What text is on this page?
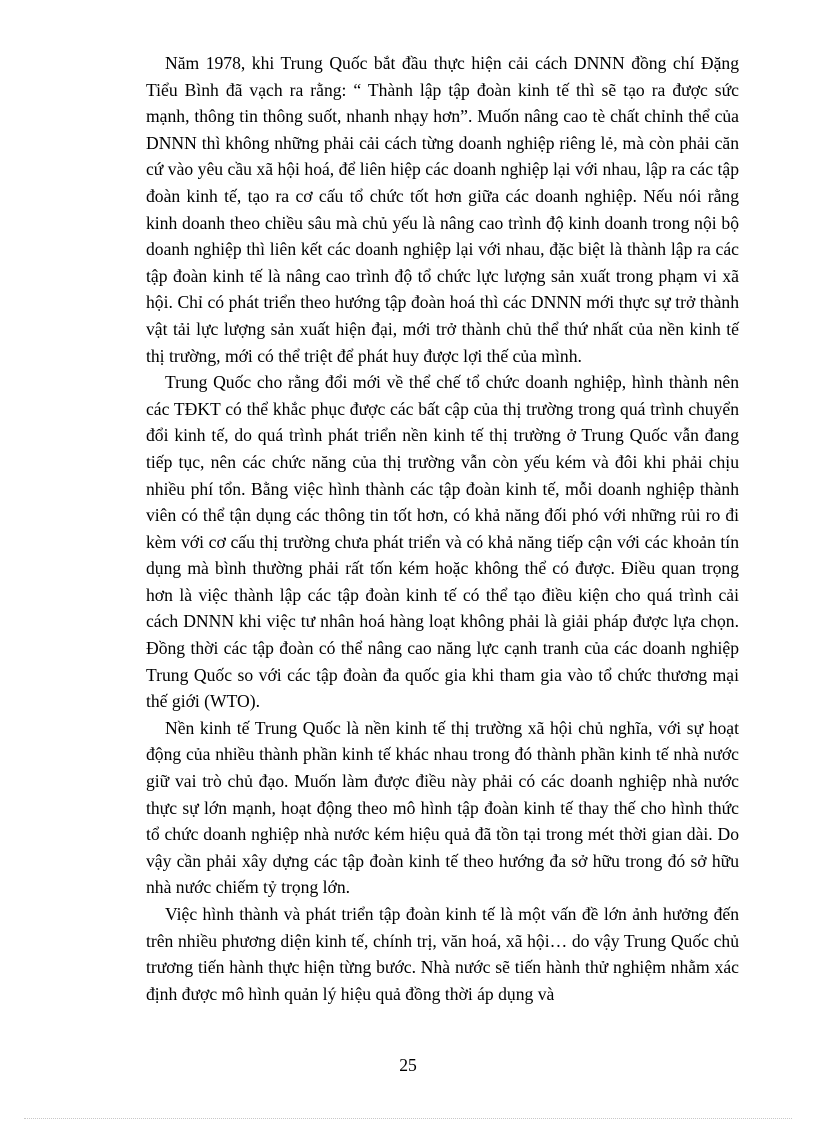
Năm 1978, khi Trung Quốc bắt đầu thực hiện cải cách DNNN đồng chí Đặng Tiểu Bình đã vạch ra rằng: “ Thành lập tập đoàn kinh tế thì sẽ tạo ra được sức mạnh, thông tin thông suốt, nhanh nhạy hơn”. Muốn nâng cao tè chất chỉnh thể của DNNN thì không những phải cải cách từng doanh nghiệp riêng lẻ, mà còn phải căn cứ vào yêu cầu xã hội hoá, để liên hiệp các doanh nghiệp lại với nhau, lập ra các tập đoàn kinh tế, tạo ra cơ cấu tổ chức tốt hơn giữa các doanh nghiệp. Nếu nói rằng kinh doanh theo chiều sâu mà chủ yếu là nâng cao trình độ kinh doanh trong nội bộ doanh nghiệp thì liên kết các doanh nghiệp lại với nhau, đặc biệt là thành lập ra các tập đoàn kinh tế là nâng cao trình độ tổ chức lực lượng sản xuất trong phạm vi xã hội. Chỉ có phát triển theo hướng tập đoàn hoá thì các DNNN mới thực sự trở thành vật tải lực lượng sản xuất hiện đại, mới trở thành chủ thể thứ nhất của nền kinh tế thị trường, mới có thể triệt để phát huy được lợi thế của mình.

Trung Quốc cho rằng đổi mới về thể chế tổ chức doanh nghiệp, hình thành nên các TĐKT có thể khắc phục được các bất cập của thị trường trong quá trình chuyển đổi kinh tế, do quá trình phát triển nền kinh tế thị trường ở Trung Quốc vẫn đang tiếp tục, nên các chức năng của thị trường vẫn còn yếu kém và đôi khi phải chịu nhiều phí tổn. Bằng việc hình thành các tập đoàn kinh tế, mỗi doanh nghiệp thành viên có thể tận dụng các thông tin tốt hơn, có khả năng đối phó với những rủi ro đi kèm với cơ cấu thị trường chưa phát triển và có khả năng tiếp cận với các khoản tín dụng mà bình thường phải rất tốn kém hoặc không thể có được. Điều quan trọng hơn là việc thành lập các tập đoàn kinh tế có thể tạo điều kiện cho quá trình cải cách DNNN khi việc tư nhân hoá hàng loạt không phải là giải pháp được lựa chọn. Đồng thời các tập đoàn có thể nâng cao năng lực cạnh tranh của các doanh nghiệp Trung Quốc so với các tập đoàn đa quốc gia khi tham gia vào tổ chức thương mại thế giới (WTO).

Nền kinh tế Trung Quốc là nền kinh tế thị trường xã hội chủ nghĩa, với sự hoạt động của nhiều thành phần kinh tế khác nhau trong đó thành phần kinh tế nhà nước giữ vai trò chủ đạo. Muốn làm được điều này phải có các doanh nghiệp nhà nước thực sự lớn mạnh, hoạt động theo mô hình tập đoàn kinh tế thay thế cho hình thức tổ chức doanh nghiệp nhà nước kém hiệu quả đã tồn tại trong mét thời gian dài. Do vậy cần phải xây dựng các tập đoàn kinh tế theo hướng đa sở hữu trong đó sở hữu nhà nước chiếm tỷ trọng lớn.

Việc hình thành và phát triển tập đoàn kinh tế là một vấn đề lớn ảnh hưởng đến trên nhiều phương diện kinh tế, chính trị, văn hoá, xã hội… do vậy Trung Quốc chủ trương tiến hành thực hiện từng bước. Nhà nước sẽ tiến hành thử nghiệm nhằm xác định được mô hình quản lý hiệu quả đồng thời áp dụng và

25
